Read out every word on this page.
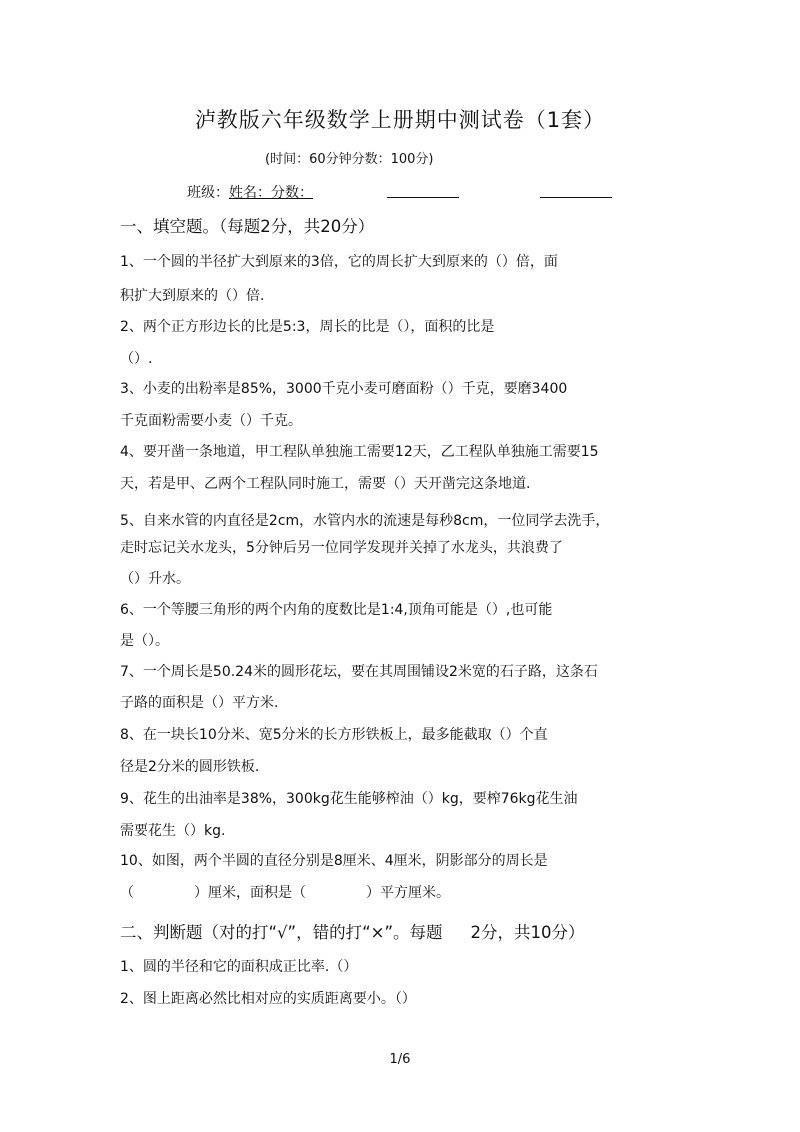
泸教版六年级数学上册期中测试卷（1套）
(时间：60分钟分数：100分)
班级：姓名：分数：
一、填空题。（每题2分，共20分）
1、一个圆的半径扩大到原来的3倍，它的周长扩大到原来的（）倍，面
积扩大到原来的（）倍.
2、两个正方形边长的比是5:3，周长的比是（），面积的比是
（）.
3、小麦的出粉率是85%，3000千克小麦可磨面粉（）千克，要磨3400
千克面粉需要小麦（）千克。
4、要开凿一条地道，甲工程队单独施工需要12天，乙工程队单独施工需要15
天，若是甲、乙两个工程队同时施工，需要（）天开凿完这条地道.
5、自来水管的内直径是2cm，水管内水的流速是每秒8cm，一位同学去洗手，
走时忘记关水龙头，5分钟后另一位同学发现并关掉了水龙头，共浪费了
（）升水。
6、一个等腰三角形的两个内角的度数比是1:4,顶角可能是（）,也可能
是（）。
7、一个周长是50.24米的圆形花坛，要在其周围铺设2米宽的石子路，这条石
子路的面积是（）平方米.
8、在一块长10分米、宽5分米的长方形铁板上，最多能截取（）个直
径是2分米的圆形铁板.
9、花生的出油率是38%，300kg花生能够榨油（）kg，要榨76kg花生油
需要花生（）kg.
10、如图，两个半圆的直径分别是8厘米、4厘米，阴影部分的周长是
（	）厘米，面积是（	）平方厘米。
二、判断题（对的打“√”，错的打“×”。每题 2分，共10分）
1、圆的半径和它的面积成正比率.（）
2、图上距离必然比相对应的实质距离要小。（）
1/6
